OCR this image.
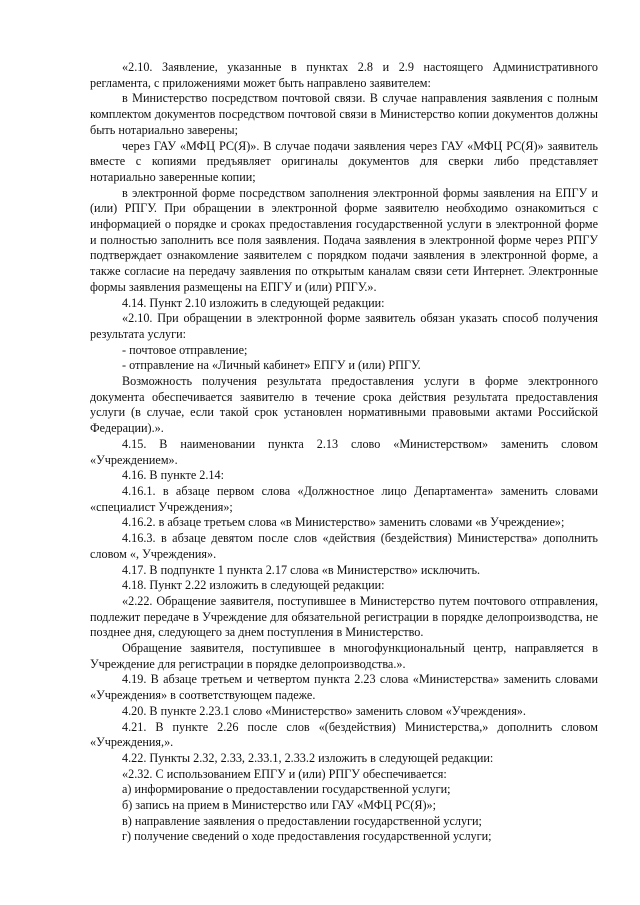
«2.10. Заявление, указанные в пунктах 2.8 и 2.9 настоящего Административного регламента, с приложениями может быть направлено заявителем:

в Министерство посредством почтовой связи. В случае направления заявления с полным комплектом документов посредством почтовой связи в Министерство копии документов должны быть нотариально заверены;

через ГАУ «МФЦ РС(Я)». В случае подачи заявления через ГАУ «МФЦ РС(Я)» заявитель вместе с копиями предъявляет оригиналы документов для сверки либо представляет нотариально заверенные копии;

в электронной форме посредством заполнения электронной формы заявления на ЕПГУ и (или) РПГУ. При обращении в электронной форме заявителю необходимо ознакомиться с информацией о порядке и сроках предоставления государственной услуги в электронной форме и полностью заполнить все поля заявления. Подача заявления в электронной форме через РПГУ подтверждает ознакомление заявителем с порядком подачи заявления в электронной форме, а также согласие на передачу заявления по открытым каналам связи сети Интернет. Электронные формы заявления размещены на ЕПГУ и (или) РПГУ.».

4.14. Пункт 2.10 изложить в следующей редакции:

«2.10. При обращении в электронной форме заявитель обязан указать способ получения результата услуги:

- почтовое отправление;

- отправление на «Личный кабинет» ЕПГУ и (или) РПГУ.

Возможность получения результата предоставления услуги в форме электронного документа обеспечивается заявителю в течение срока действия результата предоставления услуги (в случае, если такой срок установлен нормативными правовыми актами Российской Федерации).».

4.15. В наименовании пункта 2.13 слово «Министерством» заменить словом «Учреждением».

4.16. В пункте 2.14:

4.16.1. в абзаце первом слова «Должностное лицо Департамента» заменить словами «специалист Учреждения»;

4.16.2. в абзаце третьем слова «в Министерство» заменить словами «в Учреждение»;

4.16.3. в абзаце девятом после слов «действия (бездействия) Министерства» дополнить словом «, Учреждения».

4.17. В подпункте 1 пункта 2.17 слова «в Министерство» исключить.

4.18. Пункт 2.22 изложить в следующей редакции:

«2.22. Обращение заявителя, поступившее в Министерство путем почтового отправления, подлежит передаче в Учреждение для обязательной регистрации в порядке делопроизводства, не позднее дня, следующего за днем поступления в Министерство.

Обращение заявителя, поступившее в многофункциональный центр, направляется в Учреждение для регистрации в порядке делопроизводства.».

4.19. В абзаце третьем и четвертом пункта 2.23 слова «Министерства» заменить словами «Учреждения» в соответствующем падеже.

4.20. В пункте 2.23.1 слово «Министерство» заменить словом «Учреждения».

4.21. В пункте 2.26 после слов «(бездействия) Министерства,» дополнить словом «Учреждения,».

4.22. Пункты 2.32, 2.33, 2.33.1, 2.33.2 изложить в следующей редакции:

«2.32. С использованием ЕПГУ и (или) РПГУ обеспечивается:

а) информирование о предоставлении государственной услуги;

б) запись на прием в Министерство или ГАУ «МФЦ РС(Я)»;

в) направление заявления о предоставлении государственной услуги;

г) получение сведений о ходе предоставления государственной услуги;
